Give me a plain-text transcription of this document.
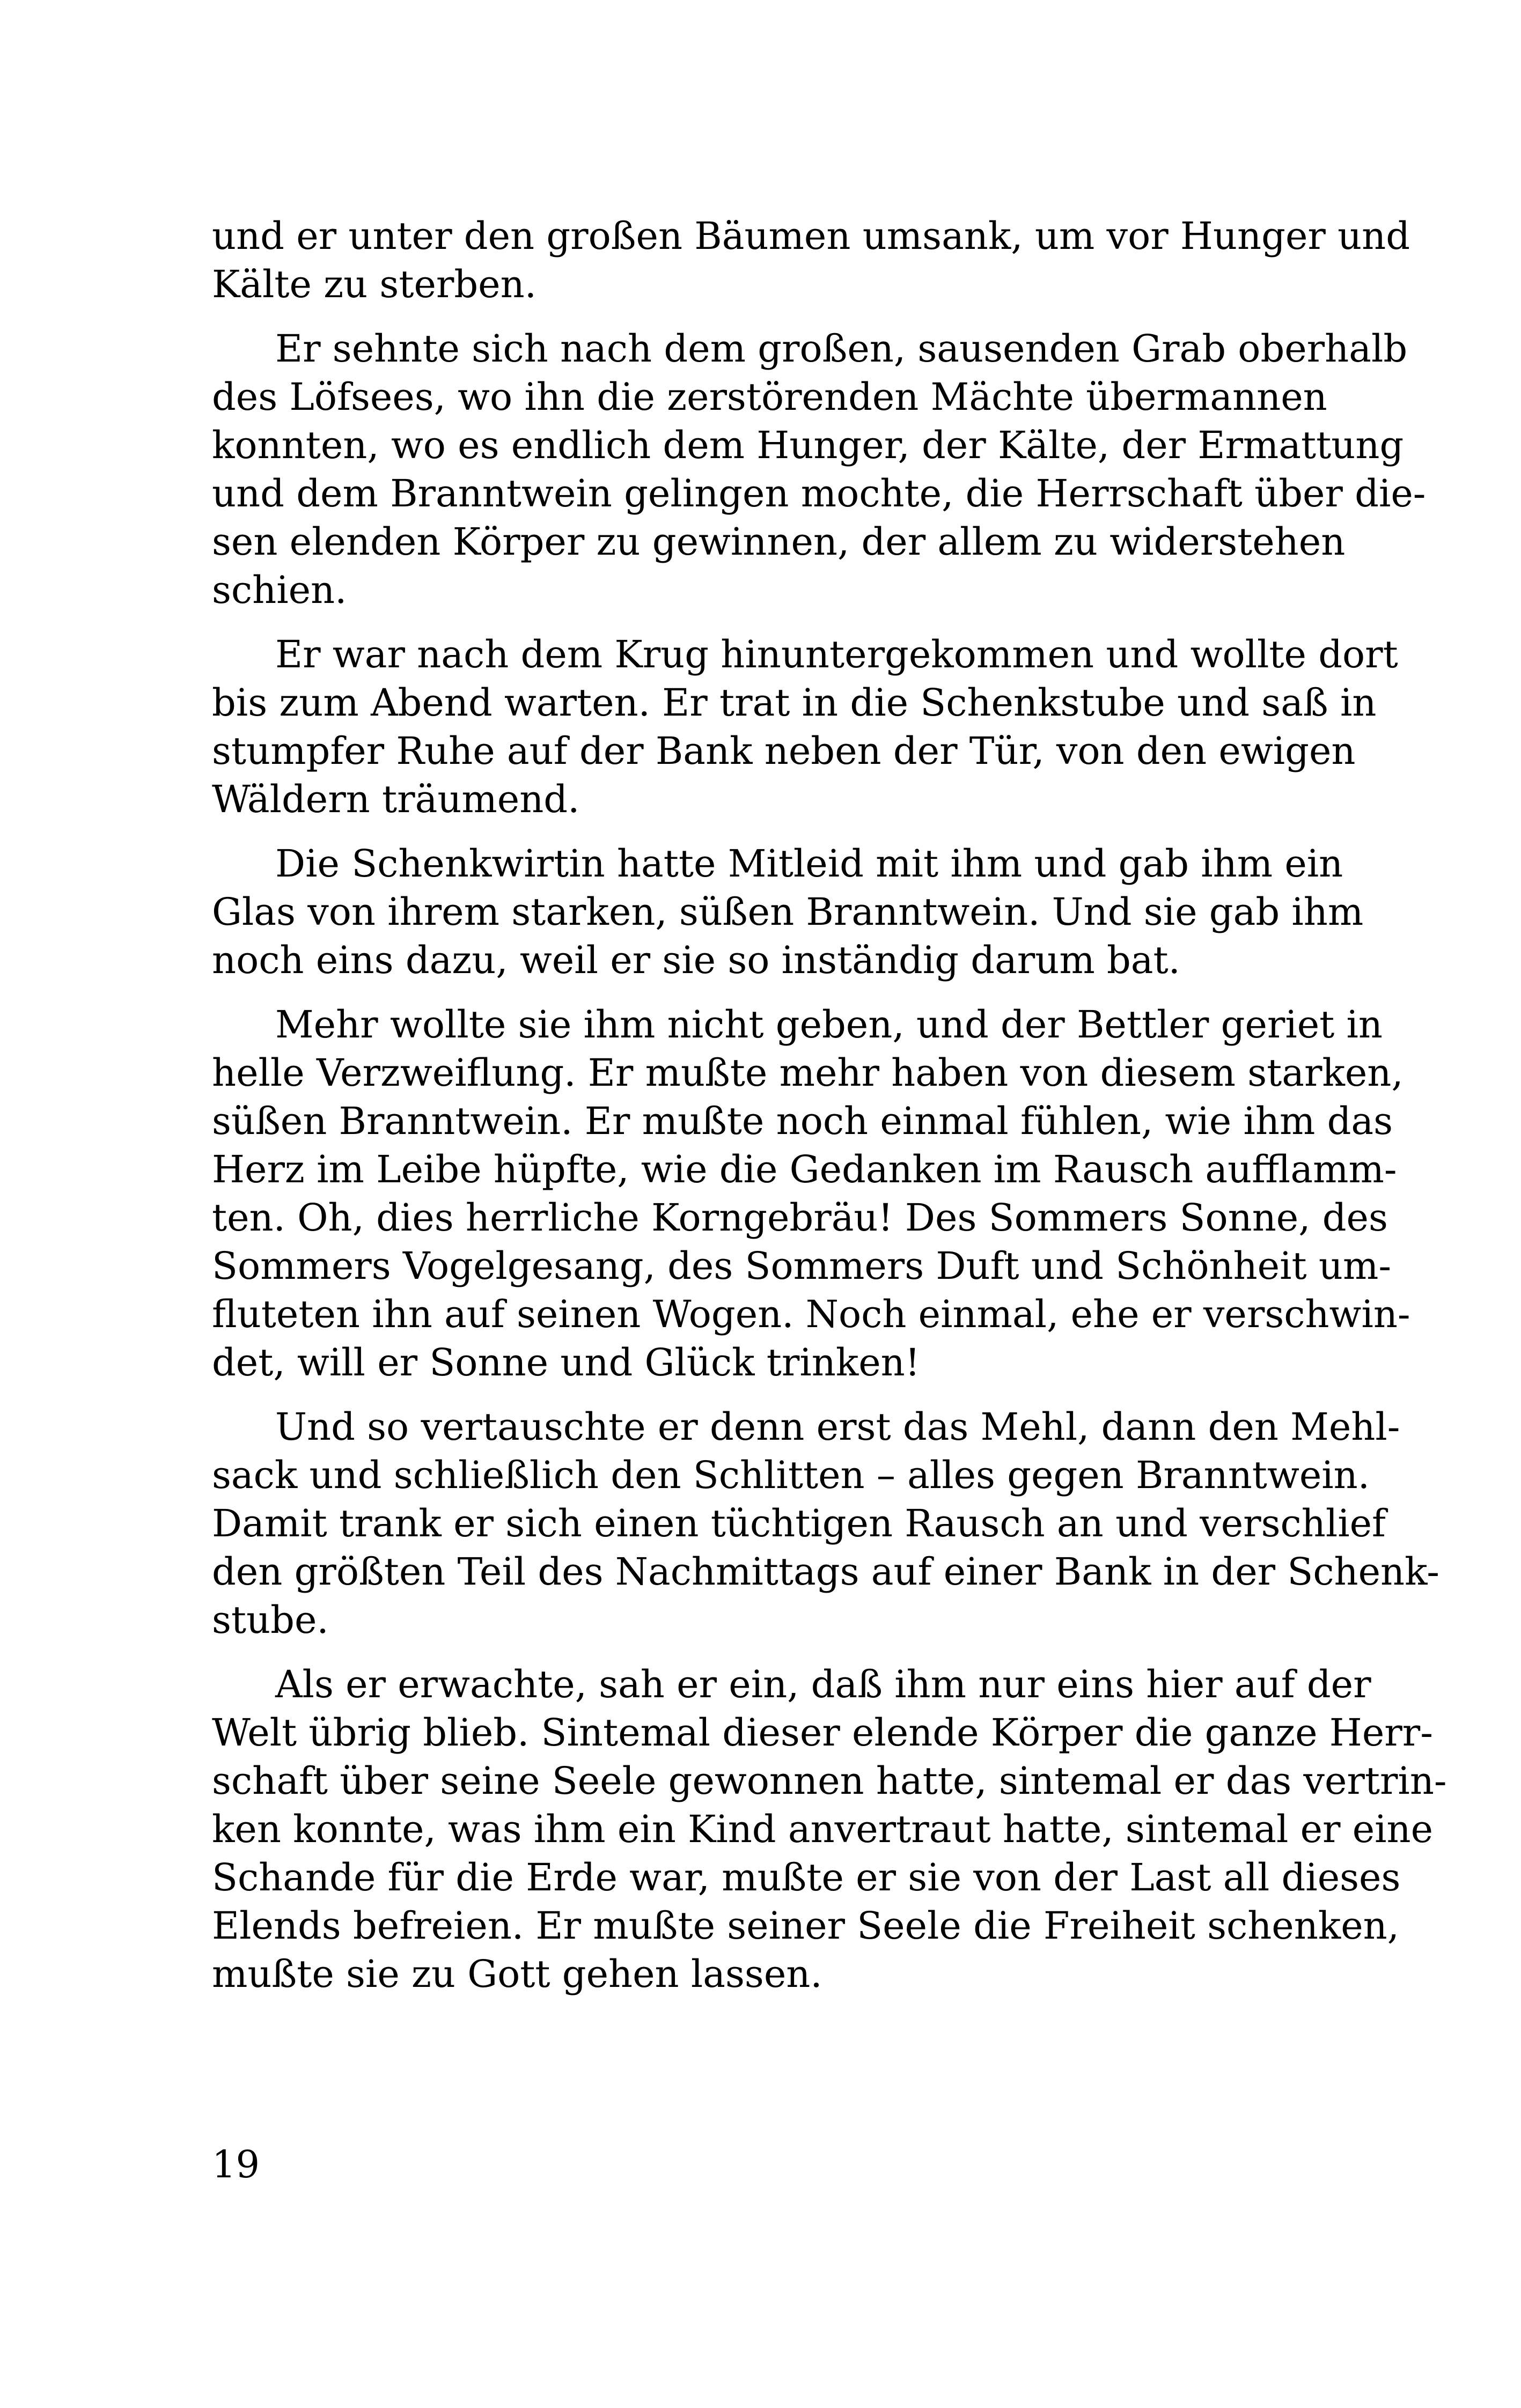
und er unter den großen Bäumen umsank, um vor Hunger und
Kälte zu sterben.
Er sehnte sich nach dem großen, sausenden Grab oberhalb
des Löfsees, wo ihn die zerstörenden Mächte übermannen
konnten, wo es endlich dem Hunger, der Kälte, der Ermattung
und dem Branntwein gelingen mochte, die Herrschaft über die-
sen elenden Körper zu gewinnen, der allem zu widerstehen
schien.
Er war nach dem Krug hinuntergekommen und wollte dort
bis zum Abend warten. Er trat in die Schenkstube und saß in
stumpfer Ruhe auf der Bank neben der Tür, von den ewigen
Wäldern träumend.
Die Schenkwirtin hatte Mitleid mit ihm und gab ihm ein
Glas von ihrem starken, süßen Branntwein. Und sie gab ihm
noch eins dazu, weil er sie so inständig darum bat.
Mehr wollte sie ihm nicht geben, und der Bettler geriet in
helle Verzweiflung. Er mußte mehr haben von diesem starken,
süßen Branntwein. Er mußte noch einmal fühlen, wie ihm das
Herz im Leibe hüpfte, wie die Gedanken im Rausch aufflamm-
ten. Oh, dies herrliche Korngebräu! Des Sommers Sonne, des
Sommers Vogelgesang, des Sommers Duft und Schönheit um-
fluteten ihn auf seinen Wogen. Noch einmal, ehe er verschwin-
det, will er Sonne und Glück trinken!
Und so vertauschte er denn erst das Mehl, dann den Mehl-
sack und schließlich den Schlitten – alles gegen Branntwein.
Damit trank er sich einen tüchtigen Rausch an und verschlief
den größten Teil des Nachmittags auf einer Bank in der Schenk-
stube.
Als er erwachte, sah er ein, daß ihm nur eins hier auf der
Welt übrig blieb. Sintemal dieser elende Körper die ganze Herr-
schaft über seine Seele gewonnen hatte, sintemal er das vertrin-
ken konnte, was ihm ein Kind anvertraut hatte, sintemal er eine
Schande für die Erde war, mußte er sie von der Last all dieses
Elends befreien. Er mußte seiner Seele die Freiheit schenken,
mußte sie zu Gott gehen lassen.
19
